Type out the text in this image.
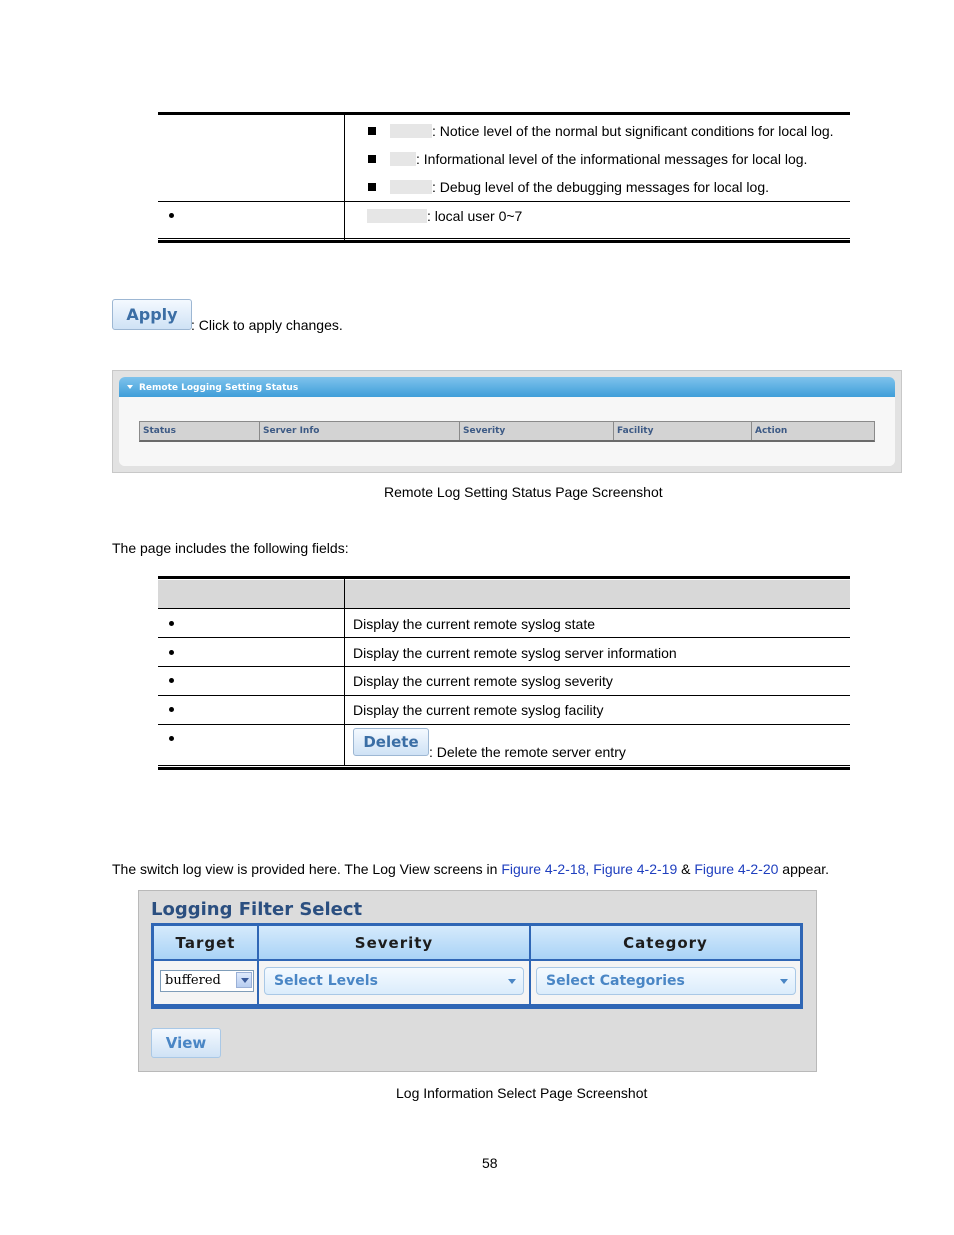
: Notice level of the normal but significant conditions for local log.
: Informational level of the informational messages for local log.
: Debug level of the debugging messages for local log.
: local user 0~7
Apply
: Click to apply changes.
Remote Logging Setting Status
Status	Server Info	Severity	Facility	Action
Remote Log Setting Status Page Screenshot
The page includes the following fields:
Display the current remote syslog state
Display the current remote syslog server information
Display the current remote syslog severity
Display the current remote syslog facility
Delete
: Delete the remote server entry
The switch log view is provided here. The Log View screens in Figure 4-2-18, Figure 4-2-19 & Figure 4-2-20 appear.
Logging Filter Select
Target	Severity	Category
buffered	Select Levels	Select Categories
View
Log Information Select Page Screenshot
58
